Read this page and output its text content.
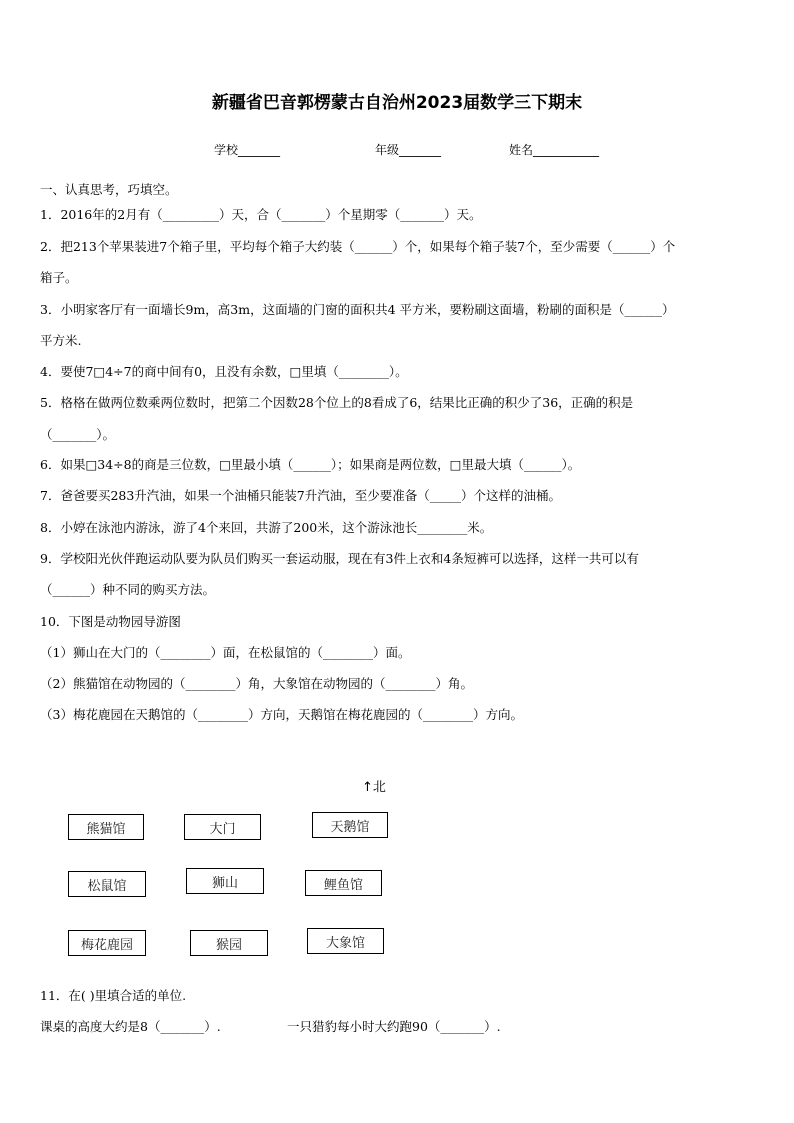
新疆省巴音郭楞蒙古自治州2023届数学三下期末
学校_______	年级_______	姓名___________
一、认真思考，巧填空。
1．2016年的2月有（_________）天，合（_______）个星期零（_______）天。
2．把213个苹果装进7个箱子里，平均每个箱子大约装（______）个，如果每个箱子装7个，至少需要（______）个
箱子。
3．小明家客厅有一面墙长9m，高3m，这面墙的门窗的面积共4 平方米，要粉刷这面墙，粉刷的面积是（______）
平方米.
4．要使7□4÷7的商中间有0，且没有余数，□里填（________）。
5．格格在做两位数乘两位数时，把第二个因数28个位上的8看成了6，结果比正确的积少了36，正确的积是
（_______）。
6．如果□34÷8的商是三位数，□里最小填（______）；如果商是两位数，□里最大填（______）。
7．爸爸要买283升汽油，如果一个油桶只能装7升汽油，至少要准备（_____）个这样的油桶。
8．小婷在泳池内游泳，游了4个来回，共游了200米，这个游泳池长________米。
9．学校阳光伙伴跑运动队要为队员们购买一套运动服，现在有3件上衣和4条短裤可以选择，这样一共可以有
（______）种不同的购买方法。
10．下图是动物园导游图
（1）狮山在大门的（________）面，在松鼠馆的（________）面。
（2）熊猫馆在动物园的（________）角，大象馆在动物园的（________）角。
（3）梅花鹿园在天鹅馆的（________）方向，天鹅馆在梅花鹿园的（________）方向。
↑北
熊猫馆	大门	天鹅馆
松鼠馆	狮山	鲤鱼馆
梅花鹿园	猴园	大象馆
11．在( )里填合适的单位.
课桌的高度大约是8（_______）.	一只猎豹每小时大约跑90（_______）.
